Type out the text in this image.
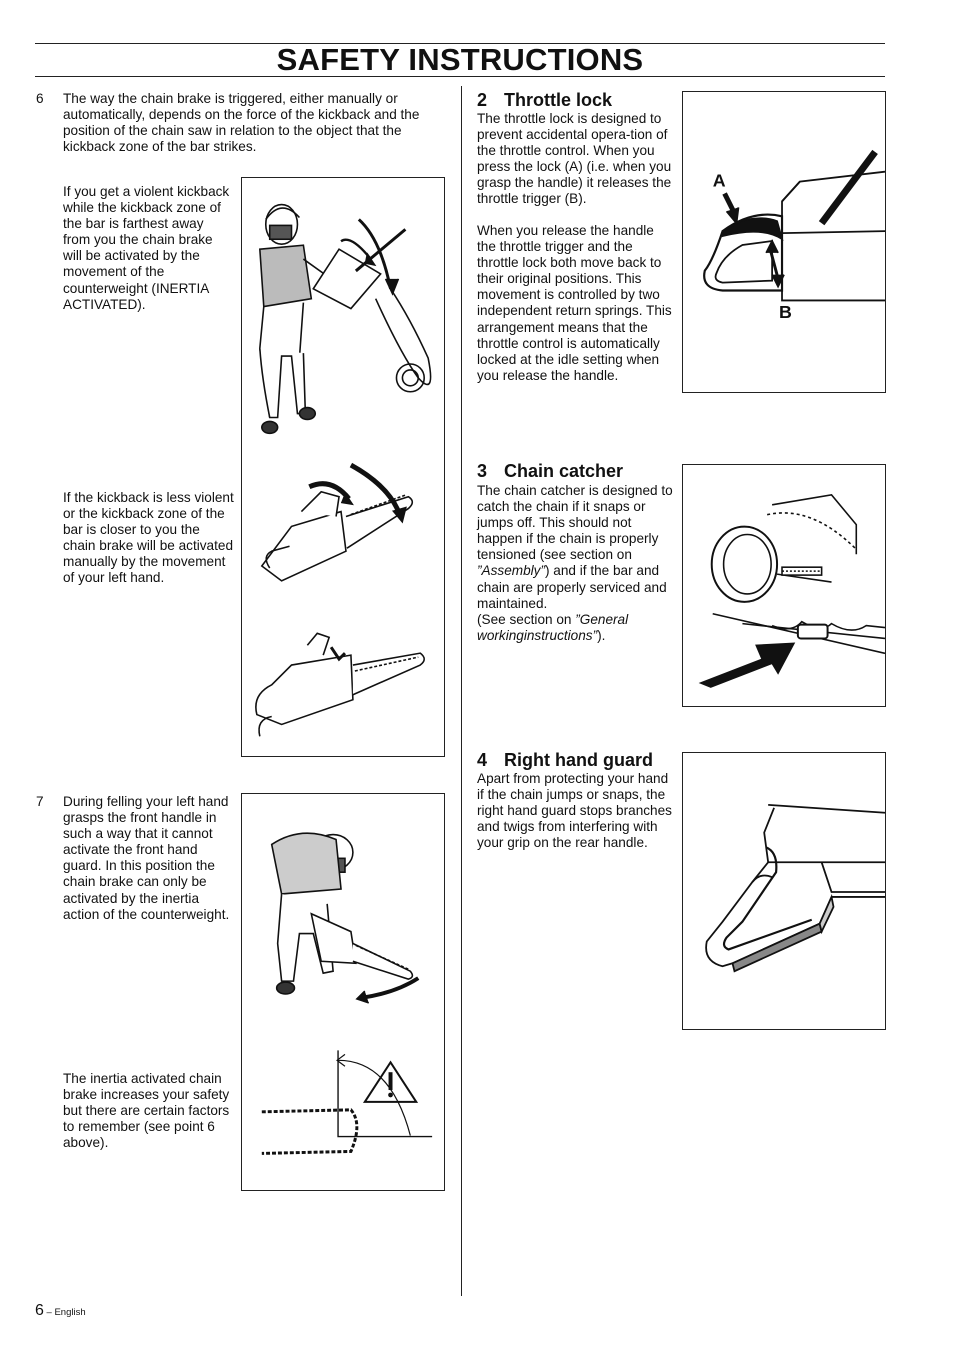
SAFETY INSTRUCTIONS
6 The way the chain brake is triggered, either manually or automatically, depends on the force of the kickback and the position of the chain saw in relation to the object that the kickback zone of the bar strikes.
If you get a violent kickback while the kickback zone of the bar is farthest away from you the chain brake will be activated by the movement of the counterweight (INERTIA ACTIVATED).
If the kickback is less violent or the kickback zone of the bar is closer to you the chain brake will be activated manually by the movement of your left hand.
7 During felling your left hand grasps the front handle in such a way that it cannot activate the front hand guard. In this position the chain brake can only be activated by the inertia action of the counterweight.
The inertia activated chain brake increases your safety but there are certain factors to remember (see point 6 above).
2 Throttle lock
The throttle lock is designed to prevent accidental opera-tion of the throttle control. When you press the lock (A) (i.e. when you grasp the handle) it releases the throttle trigger (B).
When you release the handle the throttle trigger and the throttle lock both move back to their original positions. This movement is controlled by two independent return springs. This arrangement means that the throttle control is automatically locked at the idle setting when you release the handle.
A
B
3 Chain catcher
The chain catcher is designed to catch the chain if it snaps or jumps off. This should not happen if the chain is properly tensioned (see section on ”Assembly”) and if the bar and chain are properly serviced and maintained.
(See section on ”General workinginstructions”).
4 Right hand guard
Apart from protecting your hand if the chain jumps or snaps, the right hand guard stops branches and twigs from interfering with your grip on the rear handle.
6 – English
